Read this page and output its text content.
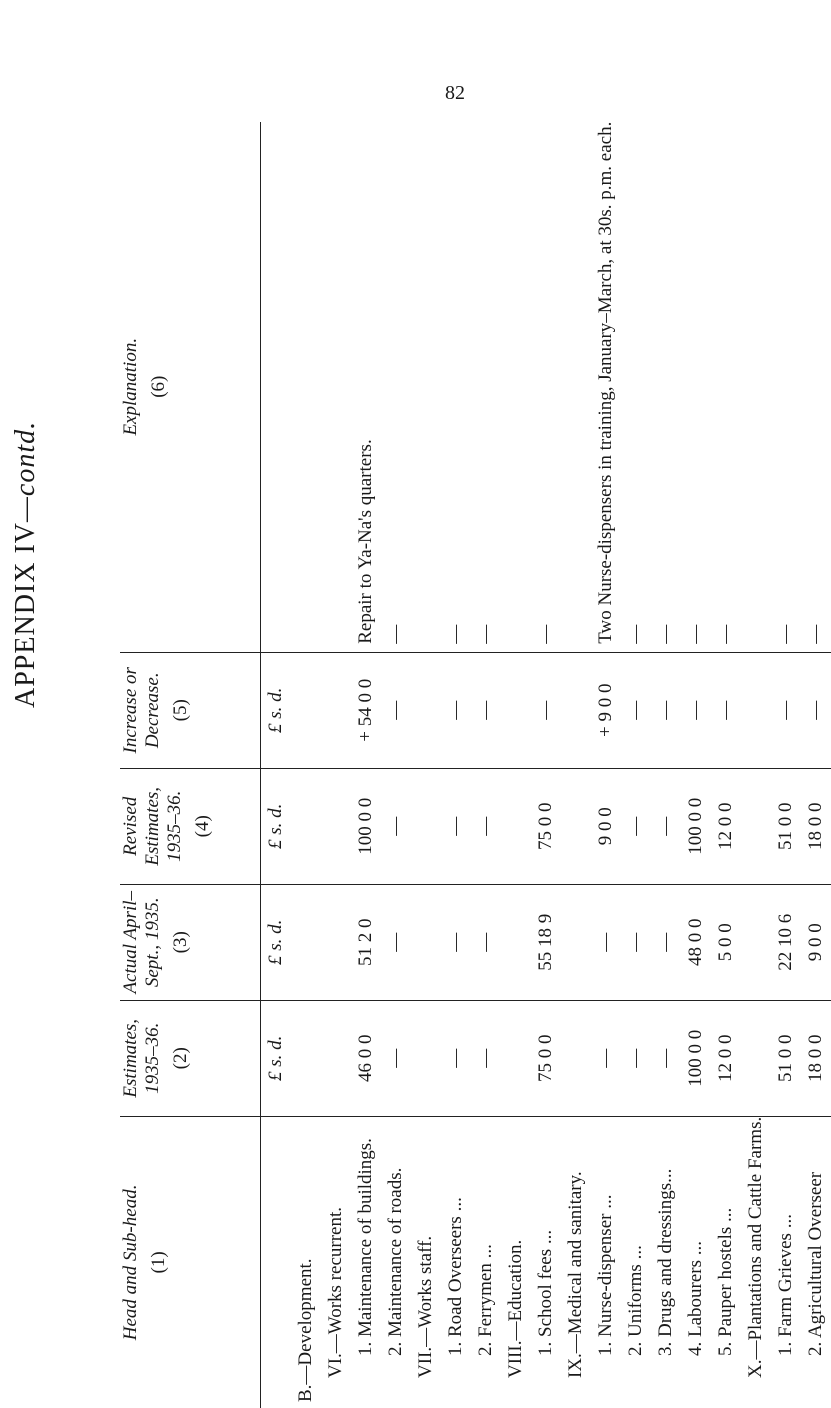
82
APPENDIX IV—contd.
Head and Sub-head. (1)	Estimates, 1935–36. (2)	Actual April–Sept., 1935. (3)	Revised Estimates, 1935–36. (4)	Increase or Decrease. (5)	Explanation. (6)

	£ s. d.	£ s. d.	£ s. d.	£ s. d.	
B.—Development.					
VI.—Works recurrent.					
1. Maintenance of buildings.	46 0 0	51 2 0	100 0 0	+ 54 0 0	Repair to Ya-Na's quarters.
2. Maintenance of roads.	—	—	—	—	—
VII.—Works staff.					
1. Road Overseers ...	—	—	—	—	—
2. Ferrymen ...	—	—	—	—	—
VIII.—Education.					
1. School fees ...	75 0 0	55 18 9	75 0 0	—	—
IX.—Medical and sanitary.					
1. Nurse-dispenser ...	—	—	9 0 0	+ 9 0 0	Two Nurse-dispensers in training, January–March, at 30s. p.m. each.
2. Uniforms ...	—	—	—	—	—
3. Drugs and dressings...	—	—	—	—	—
4. Labourers ...	100 0 0	48 0 0	100 0 0	—	—
5. Pauper hostels ...	12 0 0	5 0 0	12 0 0	—	—
X.—Plantations and Cattle Farms.					
1. Farm Grieves ...	51 0 0	22 10 6	51 0 0	—	—
2. Agricultural Overseer	18 0 0	9 0 0	18 0 0	—	—
